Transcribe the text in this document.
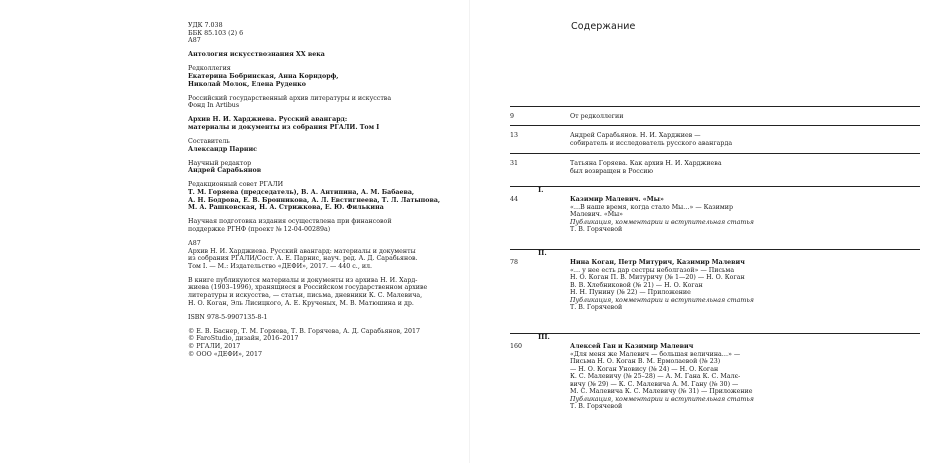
УДК 7.038
ББК 85.103 (2) 6
А87
Антология искусствознания XX века
Редколлегия
Екатерина Бобринская, Анна Корндорф,
Николай Молок, Елена Руденко
Российский государственный архив литературы и искусства
Фонд In Artibus
Архив Н. И. Харджиева. Русский авангард:
материалы и документы из собрания РГАЛИ. Том I
Составитель
Александр Парнис
Научный редактор
Андрей Сарабьянов
Редакционный совет РГАЛИ
Т. М. Горяева (председатель), В. А. Антипина, А. М. Бабаева,
А. Н. Бодрова, Е. В. Бронникова, А. Л. Евстигнеева, Т. Л. Латыпова,
М. А. Рашковская, Н. А. Стрижкова, Е. Ю. Филькина
Научная подготовка издания осуществлена при финансовой
поддержке РГНФ (проект № 12-04-00289а)
А87
Архив Н. И. Харджиева. Русский авангард: материалы и документы
из собрания РГАЛИ/Сост. А. Е. Парнис, науч. ред. А. Д. Сарабьянов.
Том I. — М.: Издательство «ДЕФИ», 2017. — 440 с., ил.
В книге публикуются материалы и документы из архива Н. И. Хард-
жиева (1903–1996), хранящиеся в Российском государственном архиве
литературы и искусства, — статьи, письма, дневники К. С. Малевича,
Н. О. Коган, Эль Лисицкого, А. Е. Крученых, М. В. Матюшина и др.
ISBN 978-5-9907135-8-1
© Е. В. Баснер, Т. М. Горяева, Т. В. Горячева, А. Д. Сарабьянов, 2017
© FaroStudio, дизайн, 2016–2017
© РГАЛИ, 2017
© ООО «ДЕФИ», 2017
Содержание
9	От редколлегии
13	Андрей Сарабьянов. Н. И. Харджиев —
собиратель и исследователь русского авангарда
31	Татьяна Горяева. Как архив Н. И. Харджиева
был возвращен в Россию
I.
44	Казимир Малевич. «Мы»
«…В наше время, когда стало Мы…» — Казимир
Малевич. «Мы»
Публикация, комментарии и вступительная статья
Т. В. Горячевой
II.
78	Нина Коган, Петр Митурич, Казимир Малевич
«… у нее есть дар сестры неболгазой» — Письма
Н. О. Коган П. В. Митуричу (№ 1—20) — Н. О. Коган
В. В. Хлебниковой (№ 21) — Н. О. Коган
Н. Н. Пунину (№ 22) — Приложение
Публикация, комментарии и вступительная статья
Т. В. Горячевой
III.
160	Алексей Ган и Казимир Малевич
«Для меня же Малевич — большая величина…» —
Письма Н. О. Коган В. М. Ермолаевой (№ 23)
— Н. О. Коган Уновису (№ 24) — Н. О. Коган
К. С. Малевичу (№ 25–28) — А. М. Гана К. С. Малє-
вичу (№ 29) — К. С. Малевича А. М. Гану (№ 30) —
М. С. Малевича К. С. Малевичу (№ 31) — Приложение
Публикация, комментарии и вступительная статья
Т. В. Горячевой
